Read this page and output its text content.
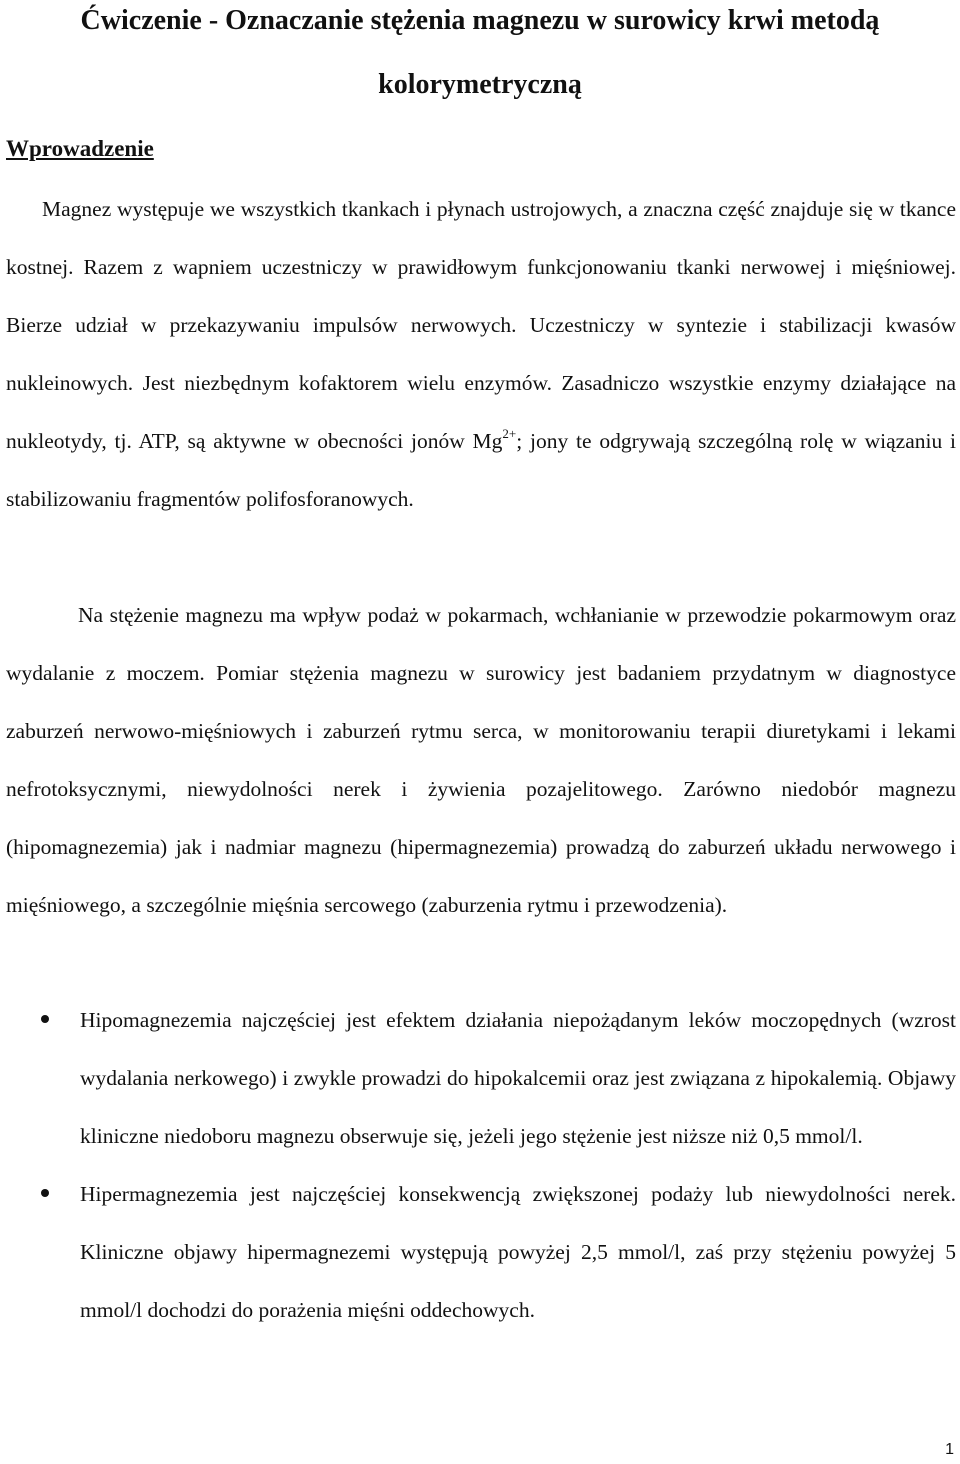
Ćwiczenie - Oznaczanie stężenia magnezu w surowicy krwi metodą
kolorymetryczną
Wprowadzenie

Magnez występuje we wszystkich tkankach i płynach ustrojowych, a znaczna część znajduje się w tkance kostnej. Razem z wapniem uczestniczy w prawidłowym funkcjonowaniu tkanki nerwowej i mięśniowej. Bierze udział w przekazywaniu impulsów nerwowych. Uczestniczy w syntezie i stabilizacji kwasów nukleinowych. Jest niezbędnym kofaktorem wielu enzymów. Zasadniczo wszystkie enzymy działające na nukleotydy, tj. ATP, są aktywne w obecności jonów $Mg^{2+}$; jony te odgrywają szczególną rolę w wiązaniu i stabilizowaniu fragmentów polifosforanowych.

Na stężenie magnezu ma wpływ podaż w pokarmach, wchłanianie w przewodzie pokarmowym oraz wydalanie z moczem. Pomiar stężenia magnezu w surowicy jest badaniem przydatnym w diagnostyce zaburzeń nerwowo-mięśniowych i zaburzeń rytmu serca, w monitorowaniu terapii diuretykami i lekami nefrotoksycznymi, niewydolności nerek i żywienia pozajelitowego. Zarówno niedobór magnezu (hipomagnezemia) jak i nadmiar magnezu (hipermagnezemia) prowadzą do zaburzeń układu nerwowego i mięśniowego, a szczególnie mięśnia sercowego (zaburzenia rytmu i przewodzenia).

Hipomagnezemia najczęściej jest efektem działania niepożądanym leków moczopędnych (wzrost wydalania nerkowego) i zwykle prowadzi do hipokalcemii oraz jest związana z hipokalemią. Objawy kliniczne niedoboru magnezu obserwuje się, jeżeli jego stężenie jest niższe niż 0,5 mmol/l.
Hipermagnezemia jest najczęściej konsekwencją zwiększonej podaży lub niewydolności nerek. Kliniczne objawy hipermagnezemi występują powyżej 2,5 mmol/l, zaś przy stężeniu powyżej 5 mmol/l dochodzi do porażenia mięśni oddechowych.
1
